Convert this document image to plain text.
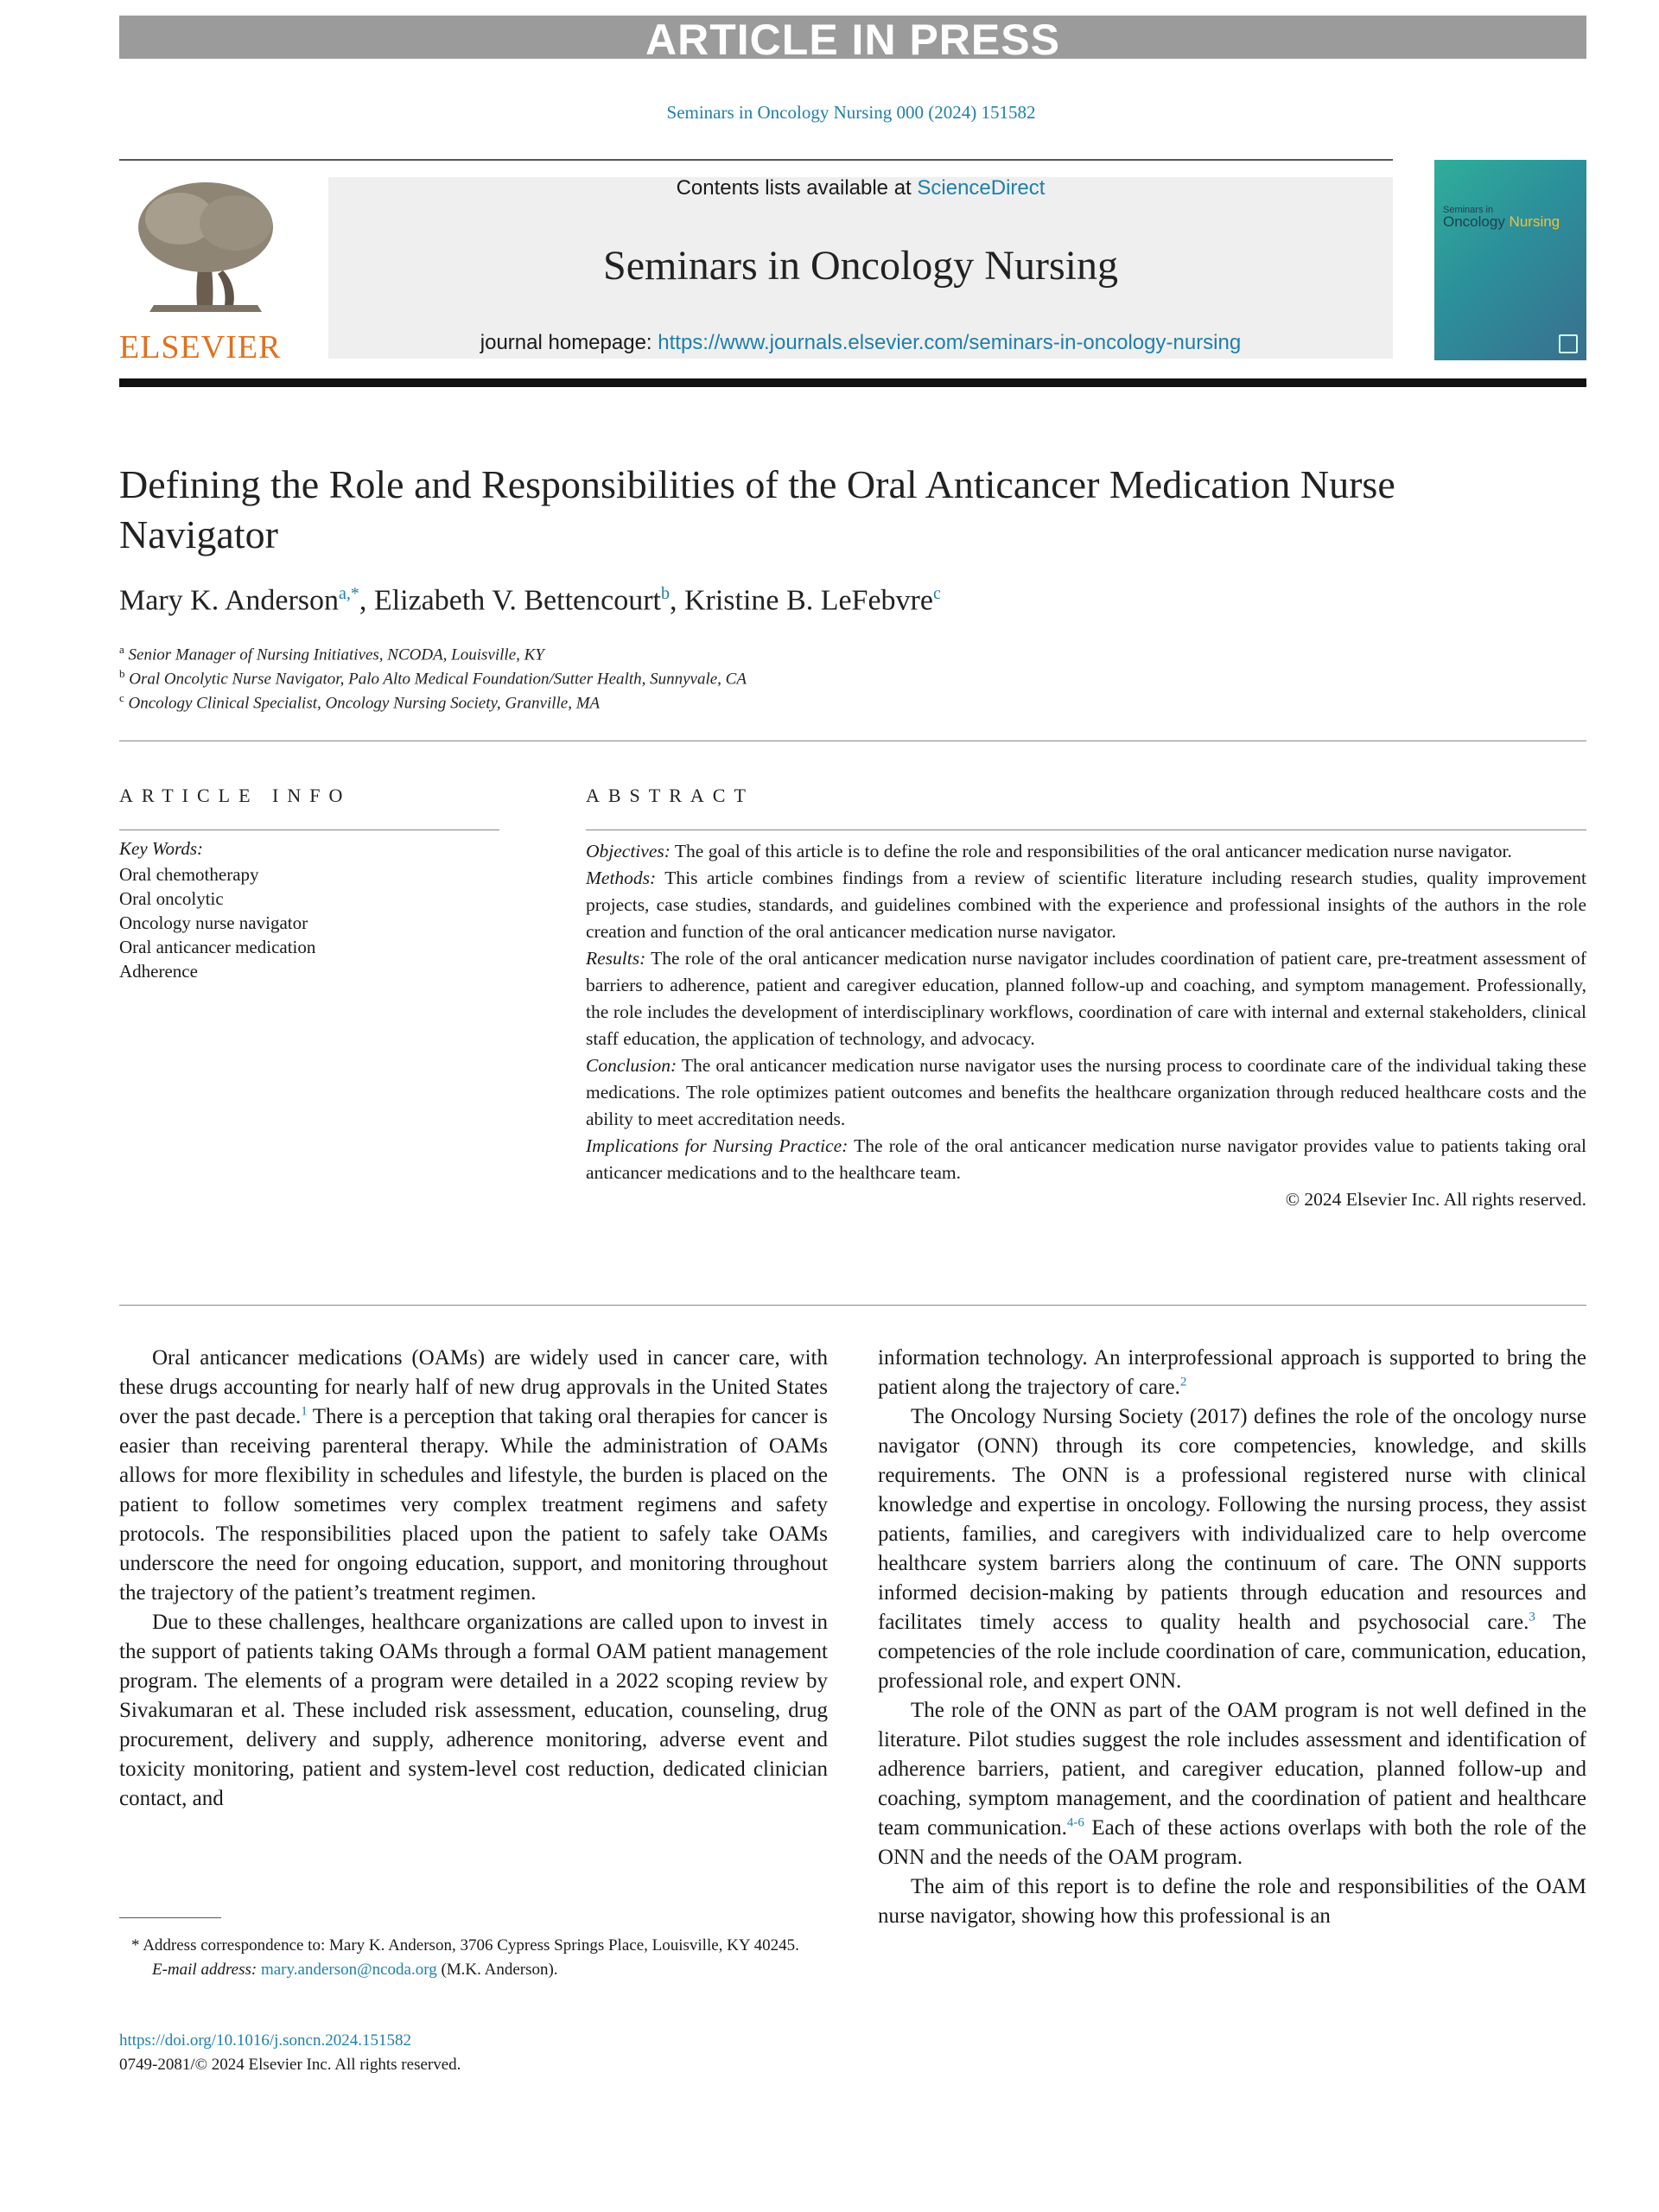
ARTICLE IN PRESS
Seminars in Oncology Nursing 000 (2024) 151582
ELSEVIER
Contents lists available at ScienceDirect
Seminars in Oncology Nursing
journal homepage: https://www.journals.elsevier.com/seminars-in-oncology-nursing
Seminars in
Oncology Nursing
Defining the Role and Responsibilities of the Oral Anticancer Medication Nurse Navigator
Mary K. Anderson$^{a,*}$, Elizabeth V. Bettencourt$^b$, Kristine B. LeFebvre$^c$
$^a$ Senior Manager of Nursing Initiatives, NCODA, Louisville, KY
$^b$ Oral Oncolytic Nurse Navigator, Palo Alto Medical Foundation/Sutter Health, Sunnyvale, CA
$^c$ Oncology Clinical Specialist, Oncology Nursing Society, Granville, MA
ARTICLE INFO
Key Words:
Oral chemotherapy
Oral oncolytic
Oncology nurse navigator
Oral anticancer medication
Adherence
ABSTRACT

Objectives: The goal of this article is to define the role and responsibilities of the oral anticancer medication nurse navigator.

Methods: This article combines findings from a review of scientific literature including research studies, quality improvement projects, case studies, standards, and guidelines combined with the experience and professional insights of the authors in the role creation and function of the oral anticancer medication nurse navigator.

Results: The role of the oral anticancer medication nurse navigator includes coordination of patient care, pre-treatment assessment of barriers to adherence, patient and caregiver education, planned follow-up and coaching, and symptom management. Professionally, the role includes the development of interdisciplinary workflows, coordination of care with internal and external stakeholders, clinical staff education, the application of technology, and advocacy.

Conclusion: The oral anticancer medication nurse navigator uses the nursing process to coordinate care of the individual taking these medications. The role optimizes patient outcomes and benefits the healthcare organization through reduced healthcare costs and the ability to meet accreditation needs.

Implications for Nursing Practice: The role of the oral anticancer medication nurse navigator provides value to patients taking oral anticancer medications and to the healthcare team.

© 2024 Elsevier Inc. All rights reserved.

Oral anticancer medications (OAMs) are widely used in cancer care, with these drugs accounting for nearly half of new drug approvals in the United States over the past decade.$^1$ There is a perception that taking oral therapies for cancer is easier than receiving parenteral therapy. While the administration of OAMs allows for more flexibility in schedules and lifestyle, the burden is placed on the patient to follow sometimes very complex treatment regimens and safety protocols. The responsibilities placed upon the patient to safely take OAMs underscore the need for ongoing education, support, and monitoring throughout the trajectory of the patient’s treatment regimen.

Due to these challenges, healthcare organizations are called upon to invest in the support of patients taking OAMs through a formal OAM patient management program. The elements of a program were detailed in a 2022 scoping review by Sivakumaran et al. These included risk assessment, education, counseling, drug procurement, delivery and supply, adherence monitoring, adverse event and toxicity monitoring, patient and system-level cost reduction, dedicated clinician contact, and

information technology. An interprofessional approach is supported to bring the patient along the trajectory of care.$^2$

The Oncology Nursing Society (2017) defines the role of the oncology nurse navigator (ONN) through its core competencies, knowledge, and skills requirements. The ONN is a professional registered nurse with clinical knowledge and expertise in oncology. Following the nursing process, they assist patients, families, and caregivers with individualized care to help overcome healthcare system barriers along the continuum of care. The ONN supports informed decision-making by patients through education and resources and facilitates timely access to quality health and psychosocial care.$^3$ The competencies of the role include coordination of care, communication, education, professional role, and expert ONN.

The role of the ONN as part of the OAM program is not well defined in the literature. Pilot studies suggest the role includes assessment and identification of adherence barriers, patient, and caregiver education, planned follow-up and coaching, symptom management, and the coordination of patient and healthcare team communication.$^{4-6}$ Each of these actions overlaps with both the role of the ONN and the needs of the OAM program.

The aim of this report is to define the role and responsibilities of the OAM nurse navigator, showing how this professional is an

* Address correspondence to: Mary K. Anderson, 3706 Cypress Springs Place, Louisville, KY 40245.

E-mail address: mary.anderson@ncoda.org (M.K. Anderson).

https://doi.org/10.1016/j.soncn.2024.151582
0749-2081/© 2024 Elsevier Inc. All rights reserved.
